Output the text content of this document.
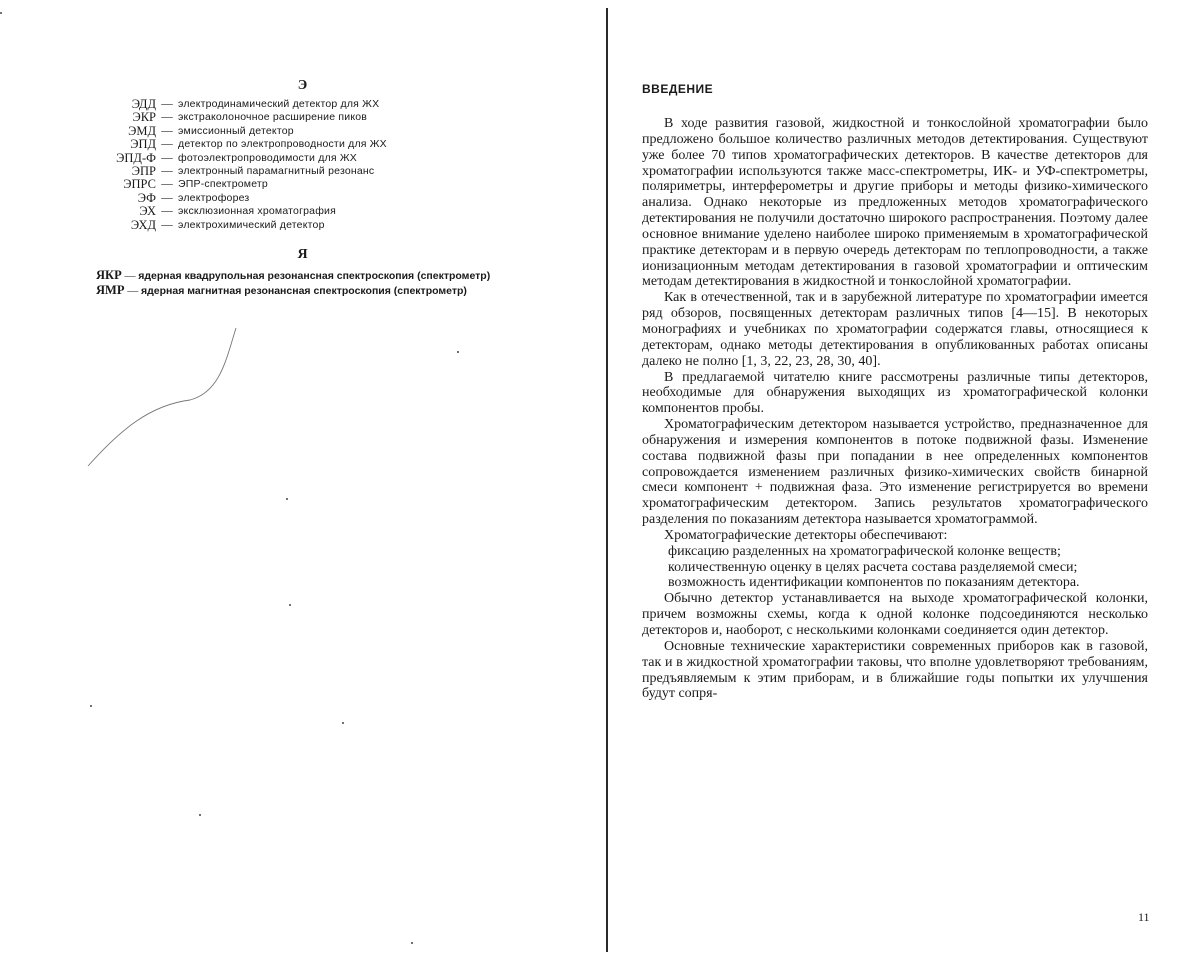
Э
ЭДД — электродинамический детектор для ЖХ
ЭКР — экстраколоночное расширение пиков
ЭМД — эмиссионный детектор
ЭПД — детектор по электропроводности для ЖХ
ЭПД-Ф — фотоэлектропроводимости для ЖХ
ЭПР — электронный парамагнитный резонанс
ЭПРС — ЭПР-спектрометр
ЭФ — электрофорез
ЭХ — эксклюзионная хроматография
ЭХД — электрохимический детектор
Я
ЯКР — ядерная квадрупольная резонансная спектроскопия (спектрометр)
ЯМР — ядерная магнитная резонансная спектроскопия (спектрометр)
ВВЕДЕНИЕ

В ходе развития газовой, жидкостной и тонкослойной хроматографии было предложено большое количество различных методов детектирования. Существуют уже более 70 типов хроматографических детекторов. В качестве детекторов для хроматографии используются также масс-спектрометры, ИК- и УФ-спектрометры, поляриметры, интерферометры и другие приборы и методы физико-химического анализа. Однако некоторые из предложенных методов хроматографического детектирования не получили достаточно широкого распространения. Поэтому далее основное внимание уделено наиболее широко применяемым в хроматографической практике детекторам и в первую очередь детекторам по теплопроводности, а также ионизационным методам детектирования в газовой хроматографии и оптическим методам детектирования в жидкостной и тонкослойной хроматографии.

Как в отечественной, так и в зарубежной литературе по хроматографии имеется ряд обзоров, посвященных детекторам различных типов [4—15]. В некоторых монографиях и учебниках по хроматографии содержатся главы, относящиеся к детекторам, однако методы детектирования в опубликованных работах описаны далеко не полно [1, 3, 22, 23, 28, 30, 40].

В предлагаемой читателю книге рассмотрены различные типы детекторов, необходимые для обнаружения выходящих из хроматографической колонки компонентов пробы.

Хроматографическим детектором называется устройство, предназначенное для обнаружения и измерения компонентов в потоке подвижной фазы. Изменение состава подвижной фазы при попадании в нее определенных компонентов сопровождается изменением различных физико-химических свойств бинарной смеси компонент + подвижная фаза. Это изменение регистрируется во времени хроматографическим детектором. Запись результатов хроматографического разделения по показаниям детектора называется хроматограммой.

Хроматографические детекторы обеспечивают:

фиксацию разделенных на хроматографической колонке веществ;

количественную оценку в целях расчета состава разделяемой смеси;

возможность идентификации компонентов по показаниям детектора.

Обычно детектор устанавливается на выходе хроматографической колонки, причем возможны схемы, когда к одной колонке подсоединяются несколько детекторов и, наоборот, с несколькими колонками соединяется один детектор.

Основные технические характеристики современных приборов как в газовой, так и в жидкостной хроматографии таковы, что вполне удовлетворяют требованиям, предъявляемым к этим приборам, и в ближайшие годы попытки их улучшения будут сопря-

11
